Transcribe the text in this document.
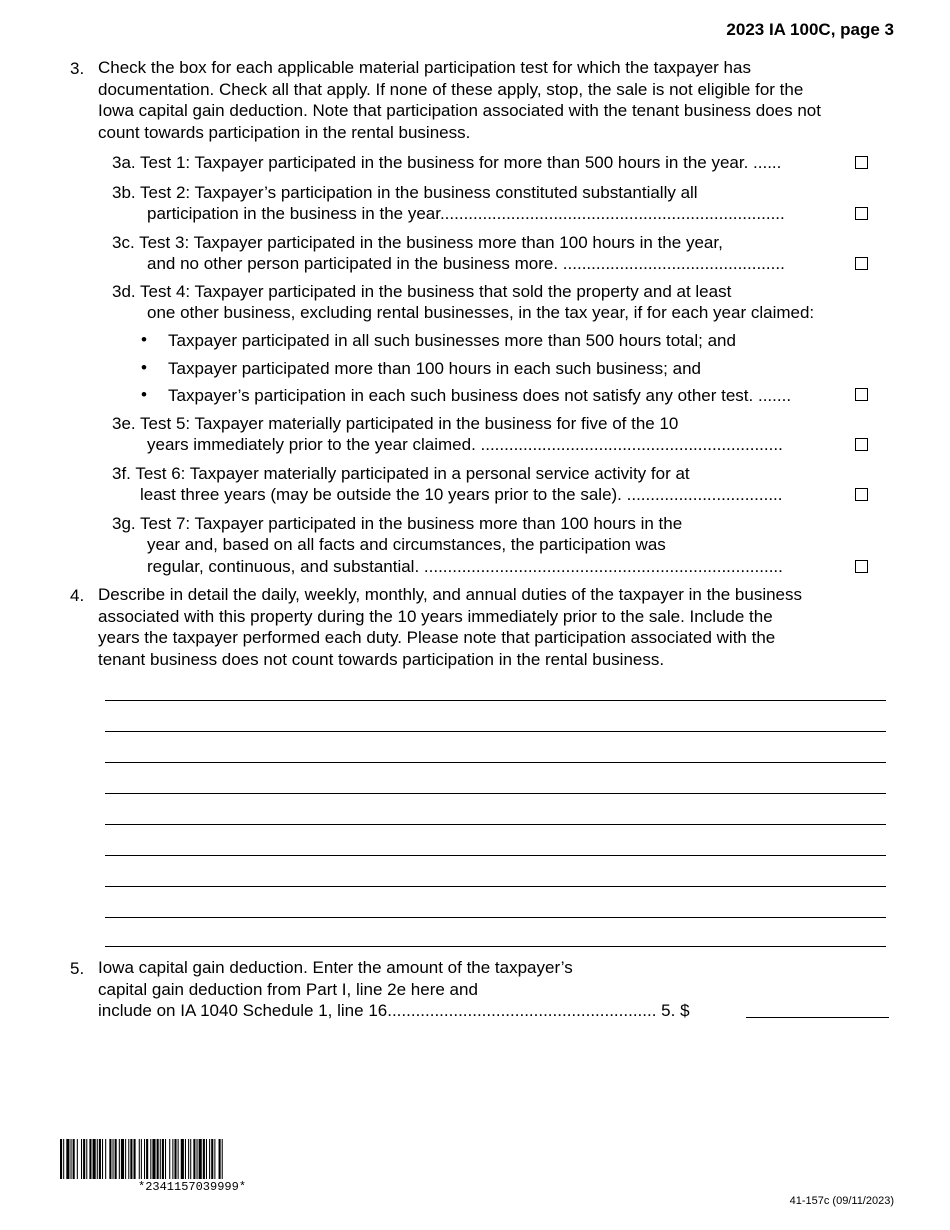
2023 IA 100C, page 3
3. Check the box for each applicable material participation test for which the taxpayer has
documentation. Check all that apply. If none of these apply, stop, the sale is not eligible for the
Iowa capital gain deduction. Note that participation associated with the tenant business does not
count towards participation in the rental business.
3a. Test 1: Taxpayer participated in the business for more than 500 hours in the year. ......
3b. Test 2: Taxpayer’s participation in the business constituted substantially all
participation in the business in the year.........................................................................
3c. Test 3: Taxpayer participated in the business more than 100 hours in the year,
and no other person participated in the business more. ...............................................
3d. Test 4: Taxpayer participated in the business that sold the property and at least
one other business, excluding rental businesses, in the tax year, if for each year claimed:
• Taxpayer participated in all such businesses more than 500 hours total; and
• Taxpayer participated more than 100 hours in each such business; and
• Taxpayer’s participation in each such business does not satisfy any other test. .......
3e. Test 5: Taxpayer materially participated in the business for five of the 10
years immediately prior to the year claimed. ................................................................
3f. Test 6: Taxpayer materially participated in a personal service activity for at
least three years (may be outside the 10 years prior to the sale). .................................
3g. Test 7: Taxpayer participated in the business more than 100 hours in the
year and, based on all facts and circumstances, the participation was
regular, continuous, and substantial. ............................................................................
4. Describe in detail the daily, weekly, monthly, and annual duties of the taxpayer in the business
associated with this property during the 10 years immediately prior to the sale. Include the
years the taxpayer performed each duty. Please note that participation associated with the
tenant business does not count towards participation in the rental business.
5. Iowa capital gain deduction. Enter the amount of the taxpayer’s
capital gain deduction from Part I, line 2e here and
include on IA 1040 Schedule 1, line 16......................................................... 5. $
*2341157039999*
41-157c (09/11/2023)
